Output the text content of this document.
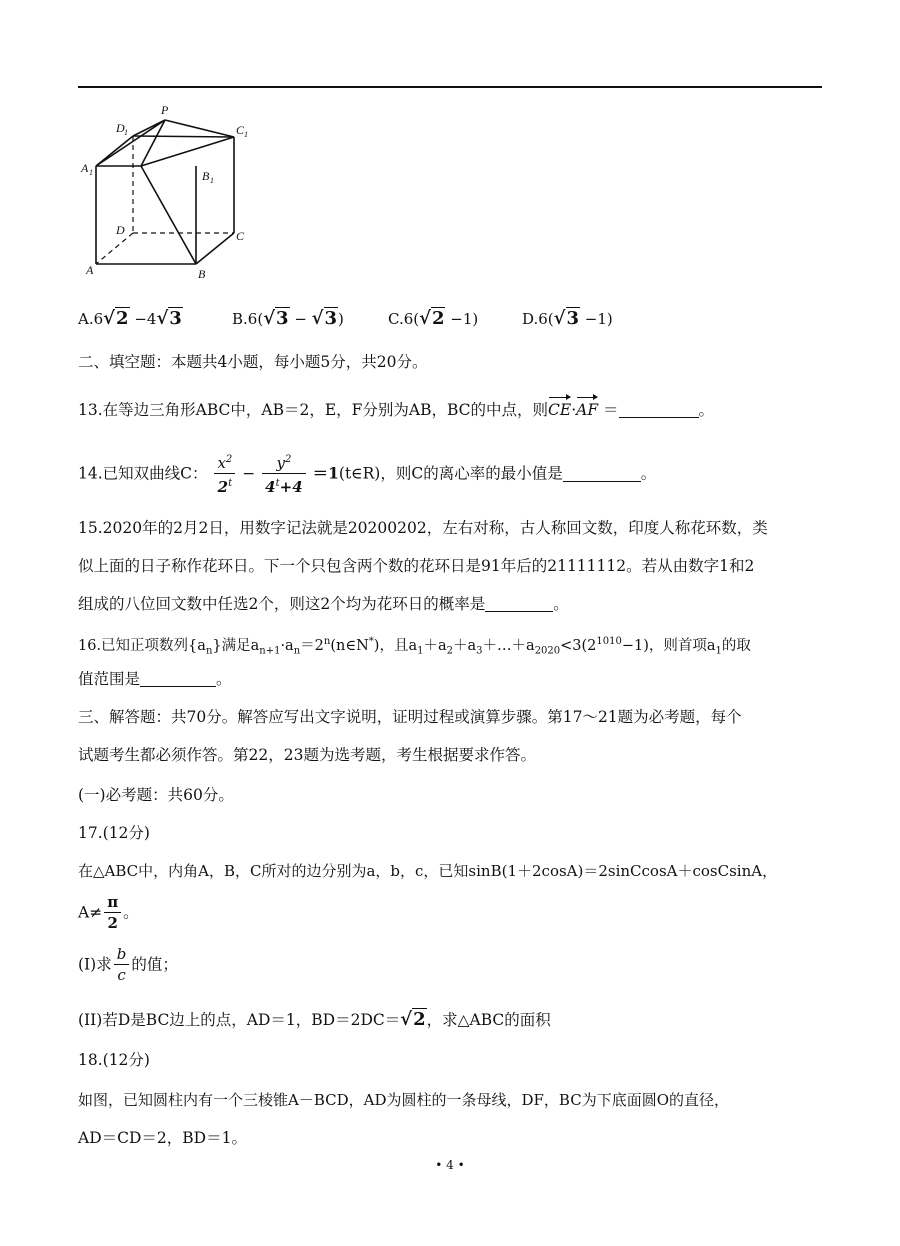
P
D 1	C 1
A 1	B 1
D	C
A	B
A.6√2 −4√3	B.6(√3 − √3)	C.6(√2 −1)	D.6(√3 −1)
二、填空题：本题共4小题，每小题5分，共20分。
13.在等边三角形ABC中，AB＝2，E，F分别为AB，BC的中点，则CE·AF ＝	。
14.已知双曲线C： $\frac{x^2}{2^t} - \frac{y^2}{4^t+4}$ ＝1(t∈R)，则C的离心率的最小值是	。
15.2020年的2月2日，用数字记法就是20200202，左右对称，古人称回文数，印度人称花环数，类
似上面的日子称作花环日。下一个只包含两个数的花环日是91年后的21111112。若从由数字1和2
组成的八位回文数中任选2个，则这2个均为花环日的概率是	。
16.已知正项数列$\{a_n\}$满足$a_{n+1}\cdot a_n=2^n(n\in N^*)$，且$a_1+a_2+a_3+\dots+a_{2020}<3(2^{1010}-1)$，则首项$a_1$的取
值范围是	。
三、解答题：共70分。解答应写出文字说明，证明过程或演算步骤。第17～21题为必考题，每个
试题考生都必须作答。第22，23题为选考题，考生根据要求作答。
(一)必考题：共60分。
17.(12分)
在△ABC中，内角A，B，C所对的边分别为a，b，c，已知sinB(1＋2cosA)＝2sinCcosA＋cosCsinA，
$A\ne \frac{\pi}{2}$ 。
(I)求 $\frac{b}{c}$ 的值；
(II)若D是BC边上的点，AD＝1，BD＝2DC＝√2，求△ABC的面积
18.(12分)
如图，已知圆柱内有一个三棱锥A－BCD，AD为圆柱的一条母线，DF，BC为下底面圆O的直径，
AD＝CD＝2，BD＝1。
• 4 •
